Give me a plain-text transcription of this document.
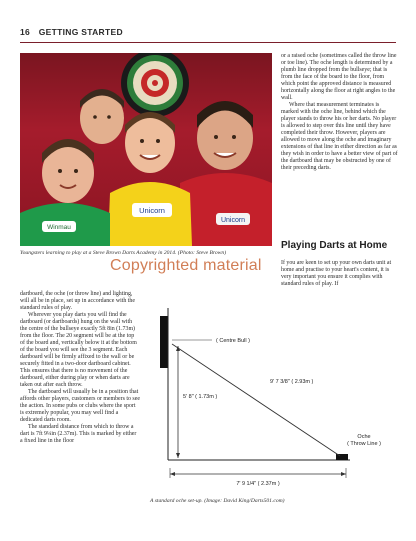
16 GETTING STARTED
Unicorn
Unicorn
Winmau
Youngsters learning to play at a Steve Brown Darts Academy in 2014. (Photo: Steve Brown)

or a raised oche (sometimes called the throw line or toe line). The oche length is determined by a plumb line dropped from the bullseye; that is from the face of the board to the floor, from which point the approved distance is measured horizontally along the floor at right angles to the wall.

Where that measurement terminates is marked with the oche line, behind which the player stands to throw his or her darts. No player is allowed to step over this line until they have completed their throw. However, players are allowed to move along the oche and imaginary extensions of that line in either direction as far as they wish in order to have a better view of part of the dartboard that may be obstructed by one of their preceding darts.

Playing Darts at Home

If you are keen to set up your own darts unit at home and practise to your heart's content, it is very important you ensure it complies with standard rules of play. If

dartboard, the oche (or throw line) and lighting, will all be in place, set up in accordance with the standard rules of play.

Wherever you play darts you will find the dartboard (or dartboards) hung on the wall with the centre of the bullseye exactly 5ft 8in (1.73m) from the floor. The 20 segment will be at the top of the board and, vertically below it at the bottom of the board you will see the 3 segment. Each dartboard will be firmly affixed to the wall or be securely fitted in a two-door dartboard cabinet. This ensures that there is no movement of the dartboard, either during play or when darts are taken out after each throw.

The dartboard will usually be in a position that affords other players, customers or members to see the action. In some pubs or clubs where the sport is extremely popular, you may well find a dedicated darts room.

The standard distance from which to throw a dart is 7ft 9¼in (2.37m). This is marked by either a fixed line in the floor

Copyrighted material
( Centre Bull )
5' 8" ( 1.73m )
9' 7 3/8" ( 2.93m )
Oche
( Throw Line )
7' 9 1/4" ( 2.37m )
A standard oche set-up. (Image: David King/Darts501.com)
